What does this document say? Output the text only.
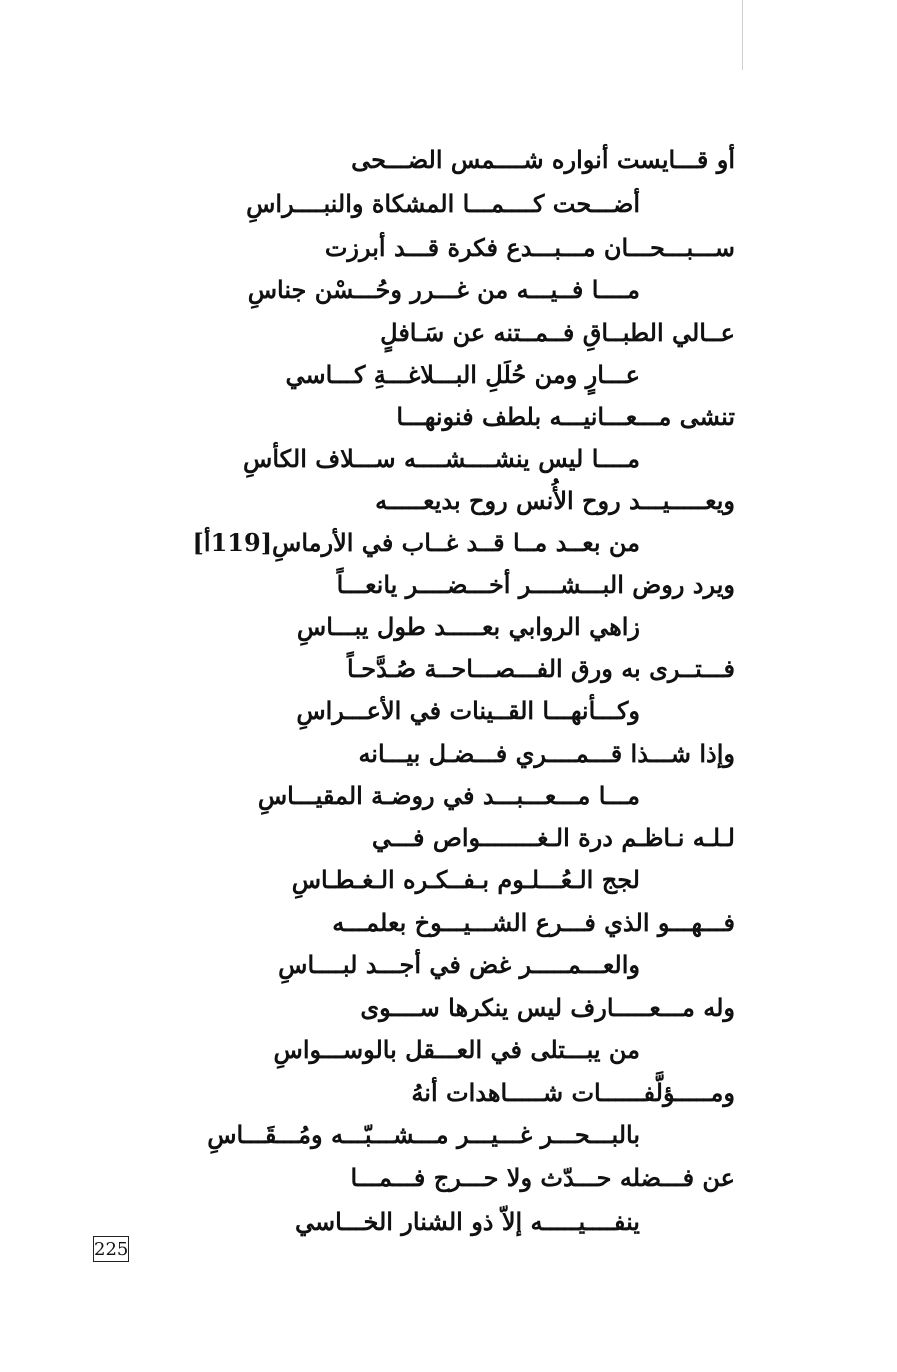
أو قـــايست أنواره شــــمس الضـــحى
أضـــحت كــــمـــا المشكاة والنبــــراسِ
ســـبـــحـــان مـــبـــدع فكرة قـــد أبرزت
مــــا فــيـــه من غـــرر وحُـــسْن جناسِ
عــالي الطبــاقِ فــمــتنه عن سَـافلٍ
عـــارٍ ومن حُلَلِ البـــلاغـــةِ كـــاسي
تنشى مـــعـــانيـــه بلطف فنونهـــا
مــــا ليس ينشــــشــــه ســـلاف الكأسِ
ويعـــــيـــد روح الأُنس روح بديعـــــه
من بعــد مــا قــد غــاب في الأرماسِ[119أ]
ويرد روض البـــشــــر أخـــضــــر يانعـــاً
زاهي الروابي بعـــــد طول يبـــاسِ
فـــتــرى به ورق الفـــصـــاحــة صُـدَّحـاً
وكـــأنهـــا القــينات في الأعـــراسِ
وإذا شـــذا قـــمــــري فـــضـل بيـــانه
مـــا مـــعـــبـــد في روضـة المقيـــاسِ
لـلـه نـاظـم درة الـغــــــــواص فـــي
لجج الـعُـــلـوم بـفــكـره الـغـطـاسِ
فـــهـــو الذي فـــرع الشـــيـــوخ بعلمـــه
والعـــمـــــر غض في أجـــد لبــــاسِ
وله مـــعـــــارف ليس ينكرها ســــوى
من يبـــتلى في العـــقل بالوســـواسِ
ومـــــؤلَّفــــــات شـــــاهدات أنهُ
بالبـــحـــر غـــيـــر مـــشـــبّـــه ومُـــقَـــاسِ
عن فـــضله حـــدّث ولا حـــرج فـــمـــا
ينفــــيـــــه إلاّ ذو الشنار الخـــاسي
225
